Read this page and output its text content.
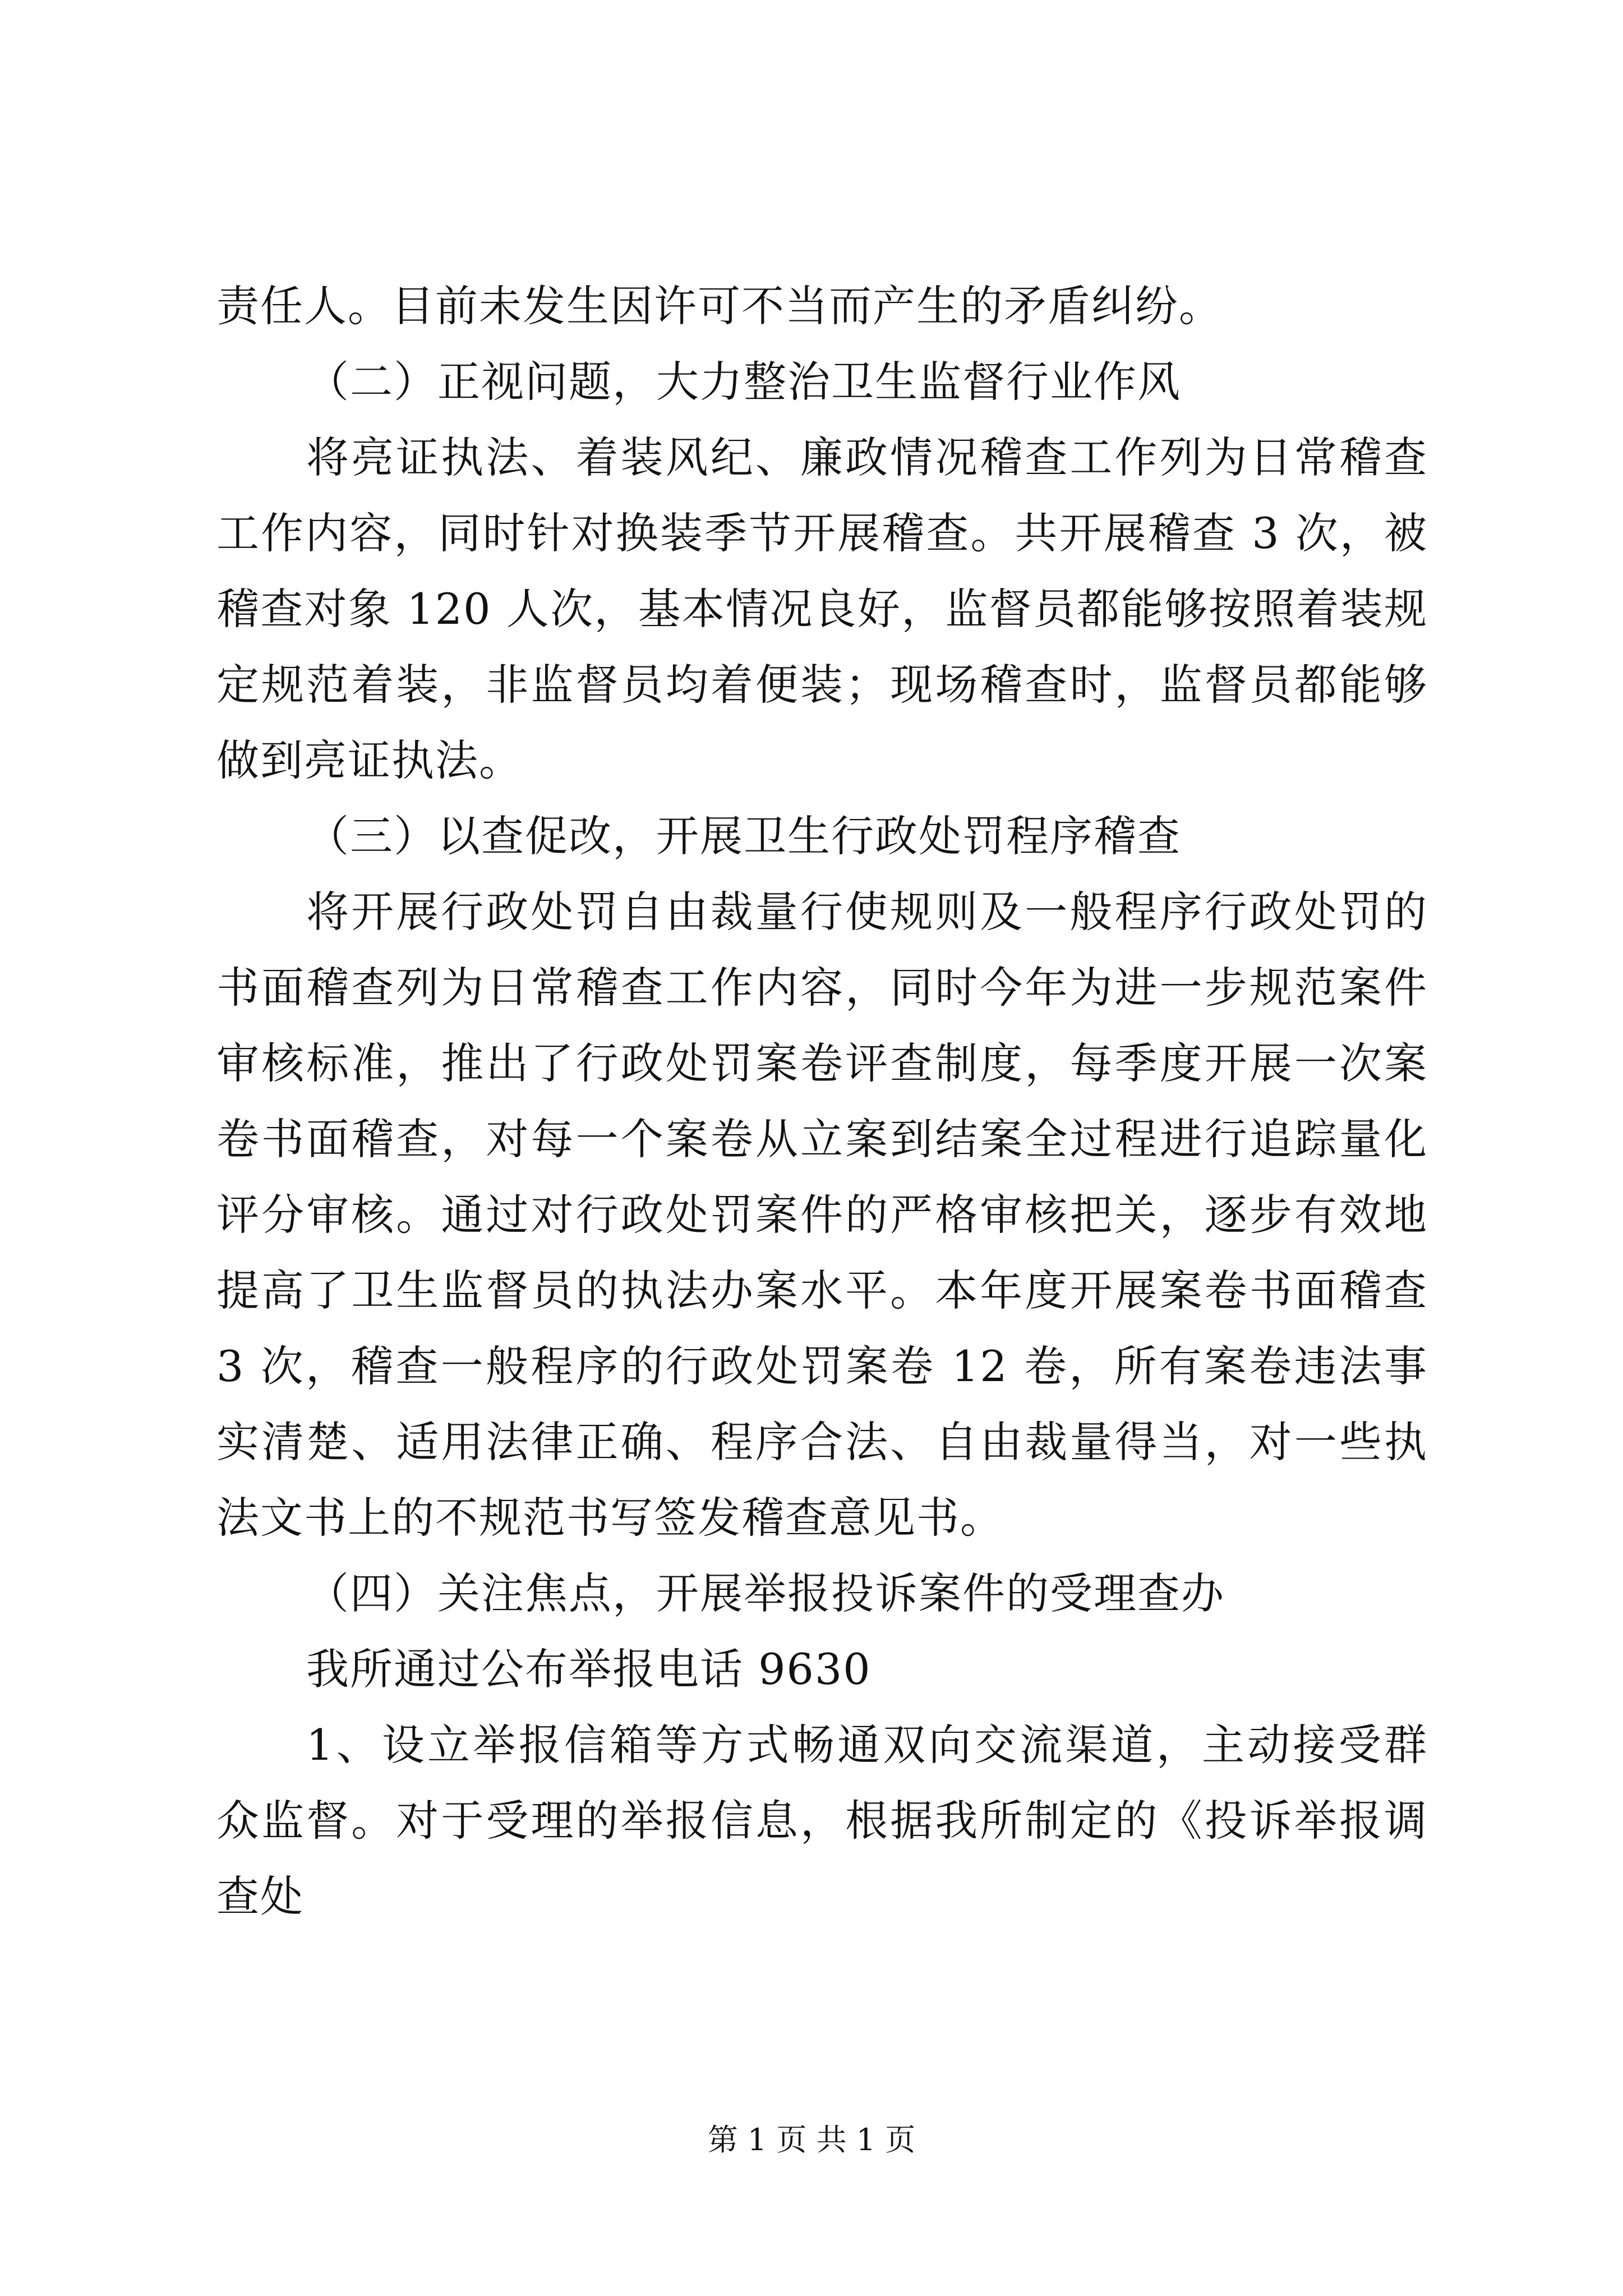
责任人。目前未发生因许可不当而产生的矛盾纠纷。

（二）正视问题，大力整治卫生监督行业作风

将亮证执法、着装风纪、廉政情况稽查工作列为日常稽查工作内容，同时针对换装季节开展稽查。共开展稽查 3 次，被稽查对象 120 人次，基本情况良好，监督员都能够按照着装规定规范着装，非监督员均着便装；现场稽查时，监督员都能够做到亮证执法。

（三）以查促改，开展卫生行政处罚程序稽查

将开展行政处罚自由裁量行使规则及一般程序行政处罚的书面稽查列为日常稽查工作内容，同时今年为进一步规范案件审核标准，推出了行政处罚案卷评查制度，每季度开展一次案卷书面稽查，对每一个案卷从立案到结案全过程进行追踪量化评分审核。通过对行政处罚案件的严格审核把关，逐步有效地提高了卫生监督员的执法办案水平。本年度开展案卷书面稽查 3 次，稽查一般程序的行政处罚案卷 12 卷，所有案卷违法事实清楚、适用法律正确、程序合法、自由裁量得当，对一些执法文书上的不规范书写签发稽查意见书。

（四）关注焦点，开展举报投诉案件的受理查办

我所通过公布举报电话 9630

1、设立举报信箱等方式畅通双向交流渠道，主动接受群众监督。对于受理的举报信息，根据我所制定的《投诉举报调查处

第 1 页 共 1 页
